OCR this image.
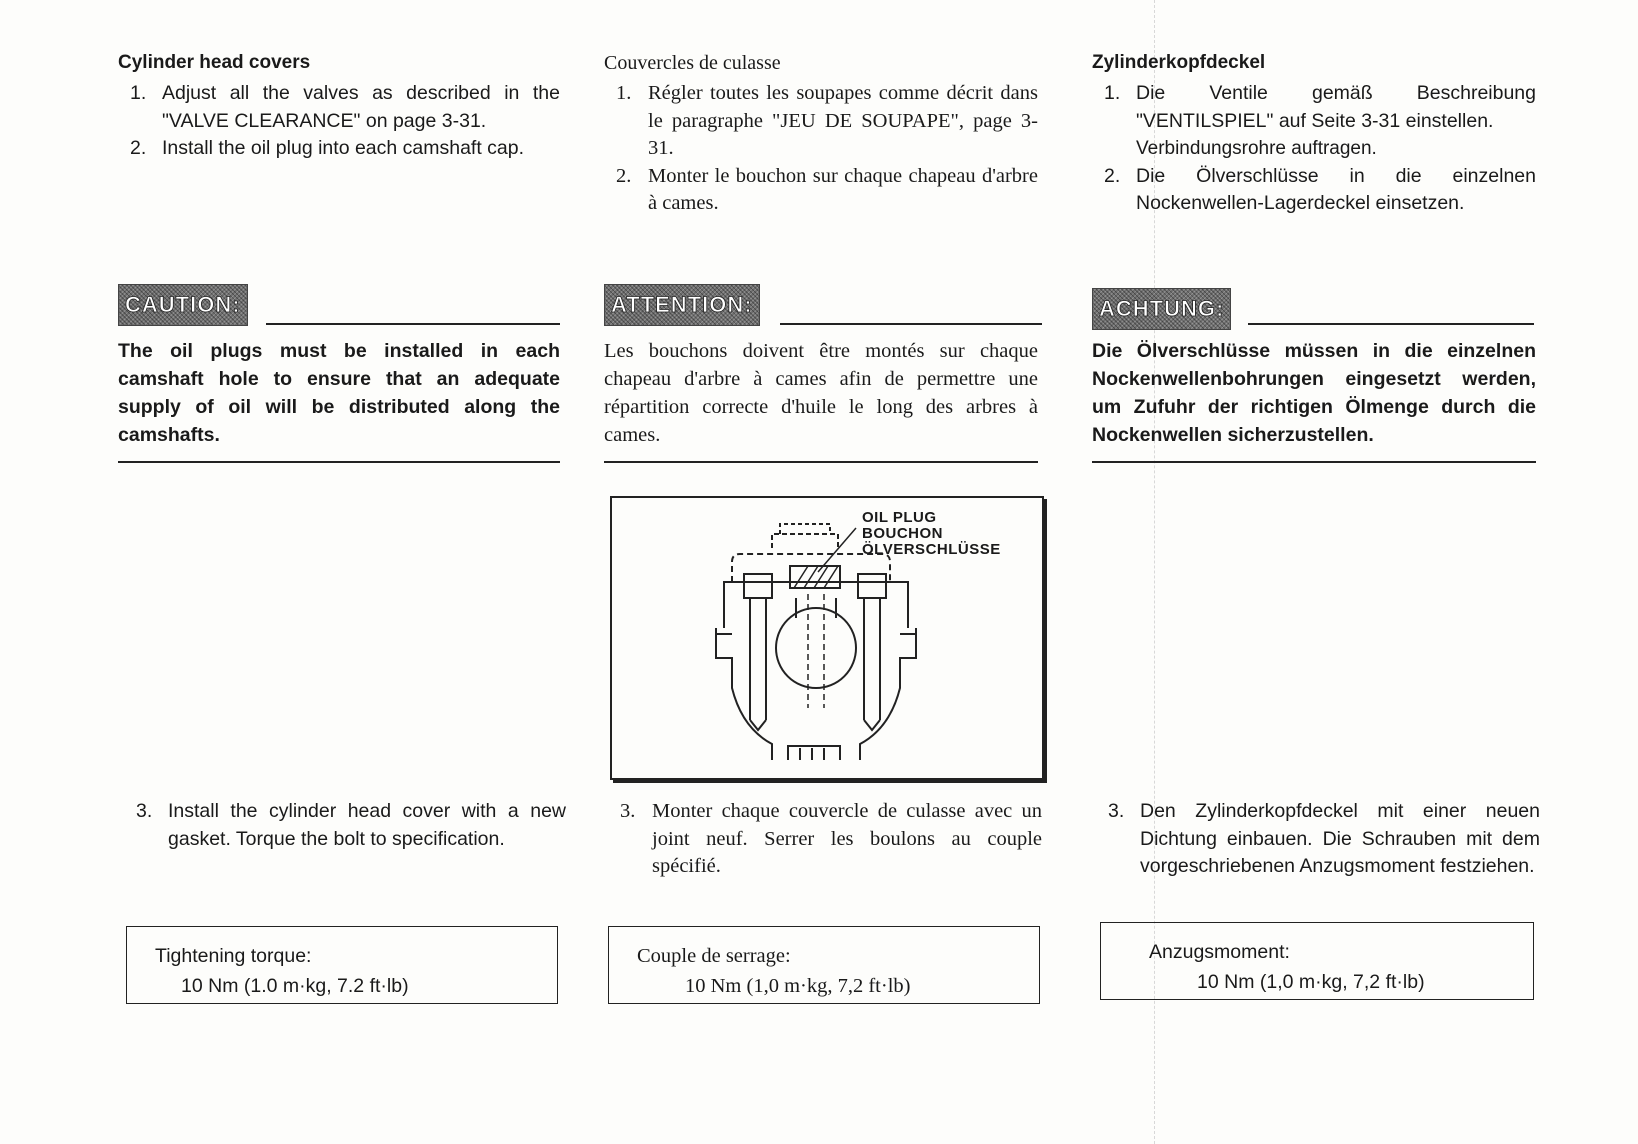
Cylinder head covers
1. Adjust all the valves as described in the "VALVE CLEARANCE" on page 3-31.
2. Install the oil plug into each camshaft cap.
CAUTION:
The oil plugs must be installed in each camshaft hole to ensure that an adequate supply of oil will be distributed along the camshafts.
3. Install the cylinder head cover with a new gasket. Torque the bolt to specification.
Tightening torque:
10 Nm (1.0 m·kg, 7.2 ft·lb)
Couvercles de culasse
1. Régler toutes les soupapes comme décrit dans le paragraphe "JEU DE SOUPAPE", page 3-31.
2. Monter le bouchon sur chaque chapeau d'arbre à cames.
ATTENTION:
Les bouchons doivent être montés sur chaque chapeau d'arbre à cames afin de permettre une répartition correcte d'huile le long des arbres à cames.
3. Monter chaque couvercle de culasse avec un joint neuf. Serrer les boulons au couple spécifié.
Couple de serrage:
10 Nm (1,0 m·kg, 7,2 ft·lb)
Zylinderkopfdeckel
1. Die Ventile gemäß Beschreibung "VENTILSPIEL" auf Seite 3-31 einstellen.
Verbindungsrohre auftragen.
2. Die Ölverschlüsse in die einzelnen Nockenwellen-Lagerdeckel einsetzen.
ACHTUNG:
Die Ölverschlüsse müssen in die einzelnen Nockenwellenbohrungen eingesetzt werden, um Zufuhr der richtigen Ölmenge durch die Nockenwellen sicherzustellen.
3. Den Zylinderkopfdeckel mit einer neuen Dichtung einbauen. Die Schrauben mit dem vorgeschriebenen Anzugsmoment festziehen.
Anzugsmoment:
10 Nm (1,0 m·kg, 7,2 ft·lb)
OIL PLUG
BOUCHON
ÖLVERSCHLÜSSE
